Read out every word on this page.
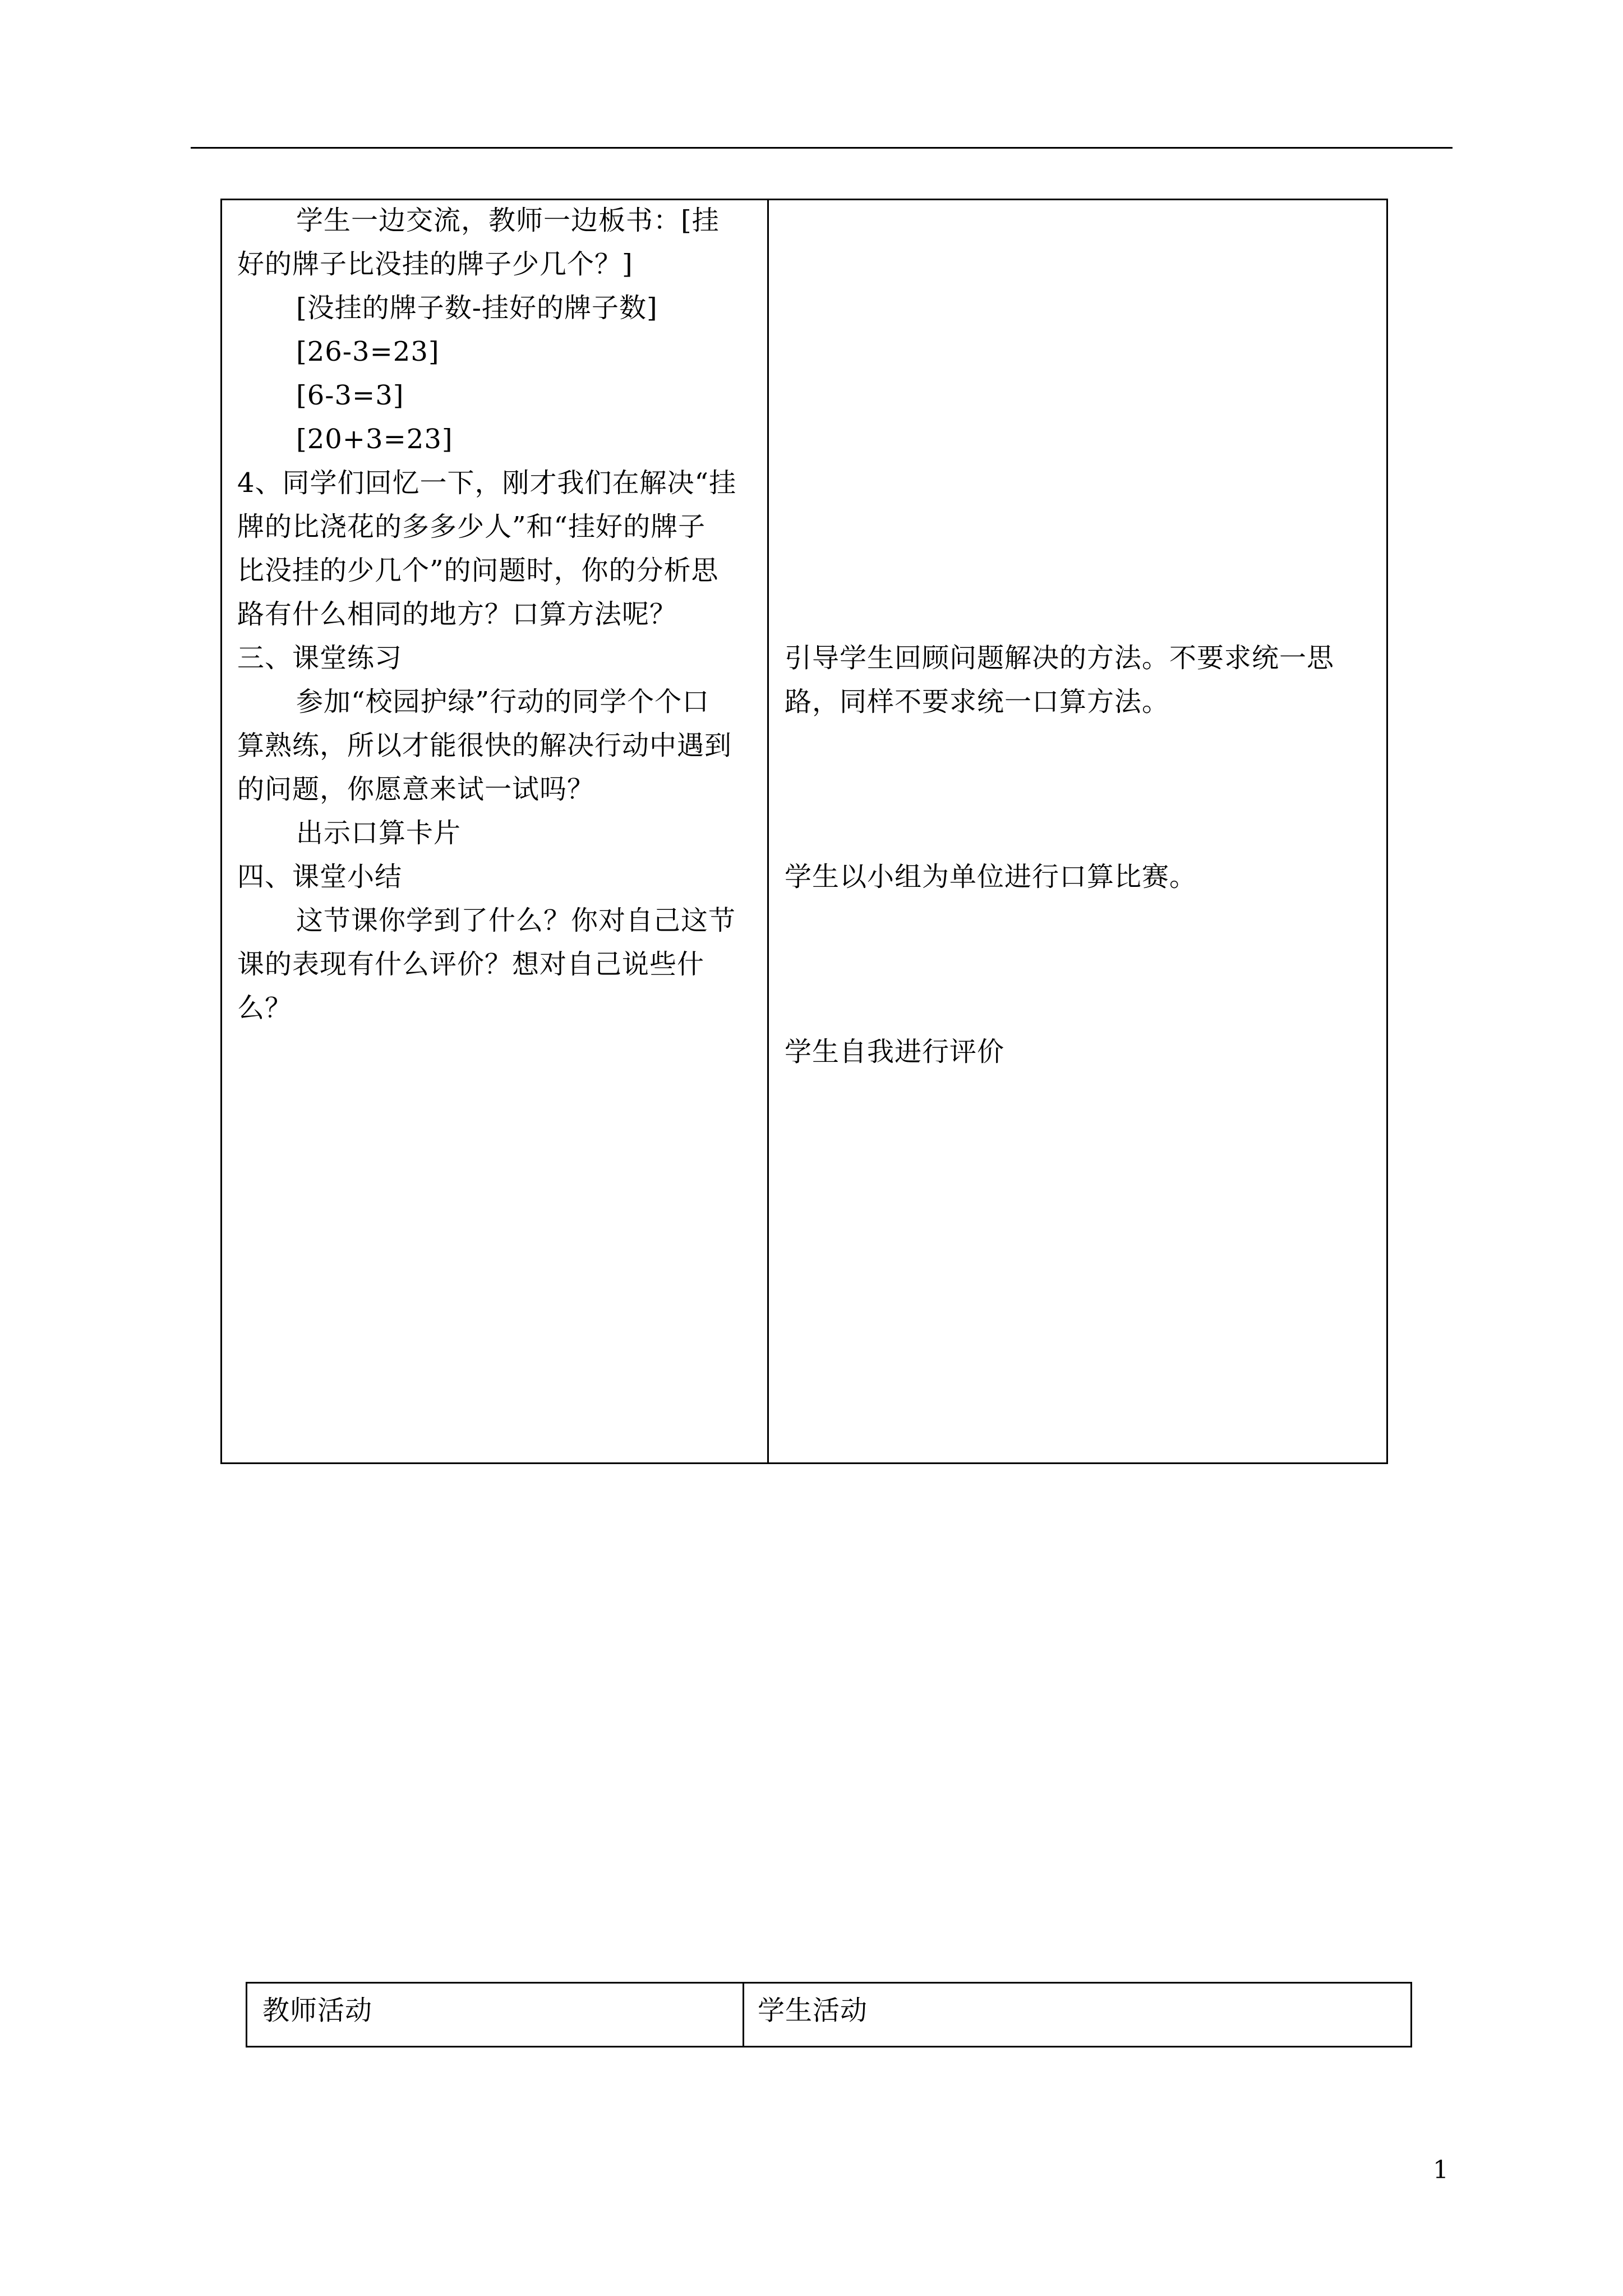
学生一边交流，教师一边板书：[挂
好的牌子比没挂的牌子少几个？]
[没挂的牌子数-挂好的牌子数]
[26-3=23]
[6-3=3]
[20+3=23]
4、同学们回忆一下，刚才我们在解决“挂
牌的比浇花的多多少人”和“挂好的牌子
比没挂的少几个”的问题时，你的分析思
路有什么相同的地方？口算方法呢？
三、课堂练习
参加“校园护绿”行动的同学个个口
算熟练，所以才能很快的解决行动中遇到
的问题，你愿意来试一试吗？
出示口算卡片
四、课堂小结
这节课你学到了什么？你对自己这节
课的表现有什么评价？想对自己说些什
么？
引导学生回顾问题解决的方法。不要求统一思
路，同样不要求统一口算方法。
学生以小组为单位进行口算比赛。
学生自我进行评价
教师活动	学生活动
1
